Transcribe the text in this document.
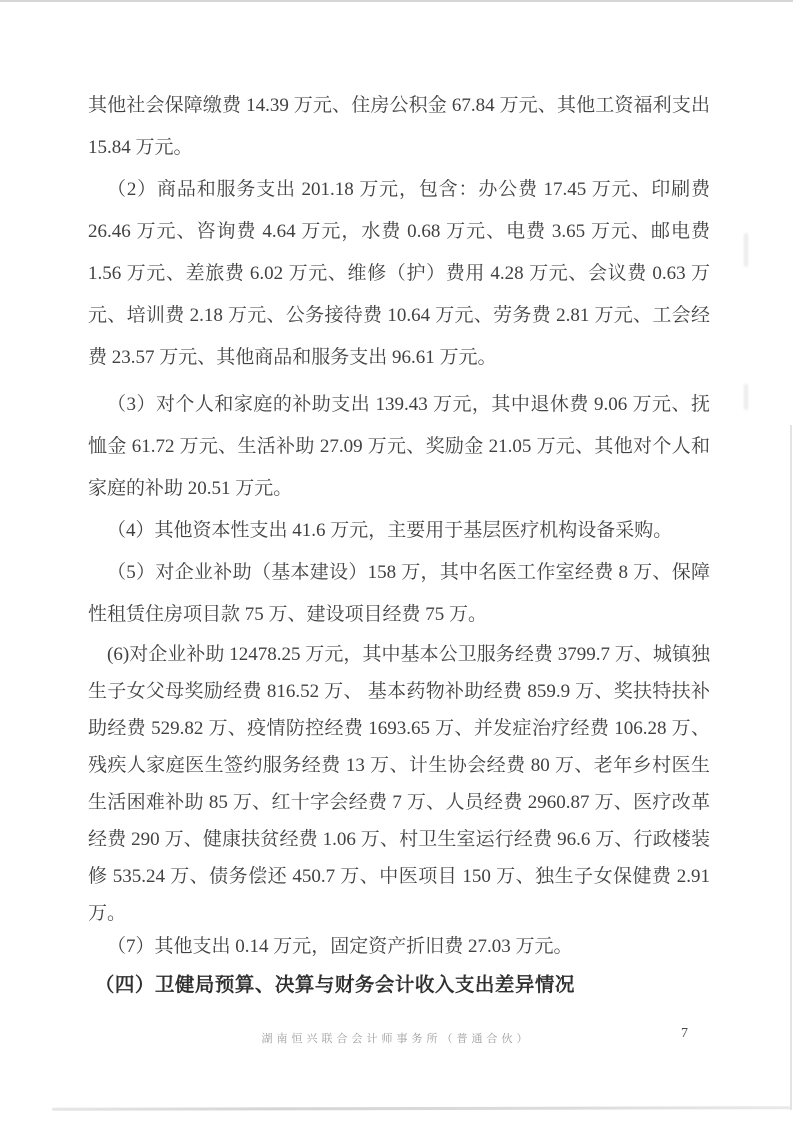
其他社会保障缴费 14.39 万元、住房公积金 67.84 万元、其他工资福利支出 15.84 万元。

（2）商品和服务支出 201.18 万元，包含：办公费 17.45 万元、印刷费 26.46 万元、咨询费 4.64 万元，水费 0.68 万元、电费 3.65 万元、邮电费 1.56 万元、差旅费 6.02 万元、维修（护）费用 4.28 万元、会议费 0.63 万元、培训费 2.18 万元、公务接待费 10.64 万元、劳务费 2.81 万元、工会经费 23.57 万元、其他商品和服务支出 96.61 万元。

（3）对个人和家庭的补助支出 139.43 万元，其中退休费 9.06 万元、抚恤金 61.72 万元、生活补助 27.09 万元、奖励金 21.05 万元、其他对个人和家庭的补助 20.51 万元。

（4）其他资本性支出 41.6 万元，主要用于基层医疗机构设备采购。

（5）对企业补助（基本建设）158 万，其中名医工作室经费 8 万、保障性租赁住房项目款 75 万、建设项目经费 75 万。

(6)对企业补助 12478.25 万元，其中基本公卫服务经费 3799.7 万、城镇独生子女父母奖励经费 816.52 万、 基本药物补助经费 859.9 万、奖扶特扶补助经费 529.82 万、疫情防控经费 1693.65 万、并发症治疗经费 106.28 万、残疾人家庭医生签约服务经费 13 万、计生协会经费 80 万、老年乡村医生生活困难补助 85 万、红十字会经费 7 万、人员经费 2960.87 万、医疗改革经费 290 万、健康扶贫经费 1.06 万、村卫生室运行经费 96.6 万、行政楼装修 535.24 万、债务偿还 450.7 万、中医项目 150 万、独生子女保健费 2.91 万。

（7）其他支出 0.14 万元，固定资产折旧费 27.03 万元。

（四）卫健局预算、决算与财务会计收入支出差异情况
湖南恒兴联合会计师事务所（普通合伙）	7
